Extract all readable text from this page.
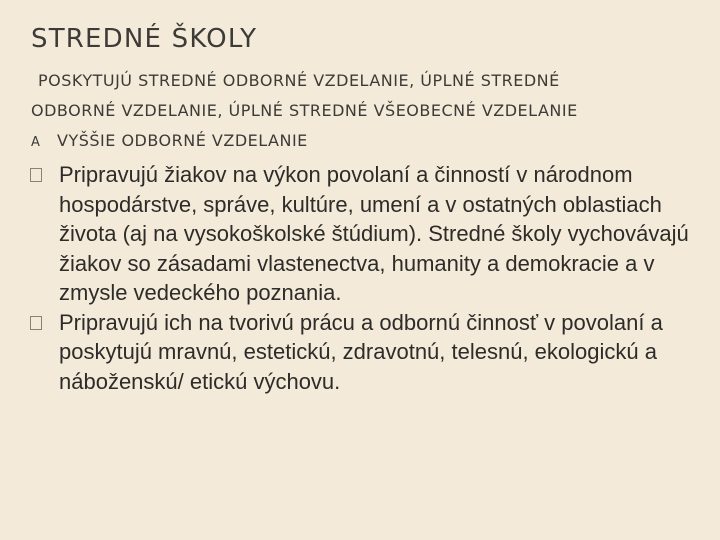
STREDNÉ ŠKOLY
POSKYTUJÚ STREDNÉ ODBORNÉ VZDELANIE, ÚPLNÉ STREDNÉ
ODBORNÉ VZDELANIE, ÚPLNÉ STREDNÉ VŠEOBECNÉ VZDELANIE
A VYŠŠIE ODBORNÉ VZDELANIE
Pripravujú žiakov na výkon povolaní a činností v národnom hospodárstve, správe, kultúre, umení a v ostatných oblastiach života (aj na vysokoškolské štúdium). Stredné školy vychovávajú žiakov so zásadami vlastenectva, humanity a demokracie a v zmysle vedeckého poznania.
Pripravujú ich na tvorivú prácu a odbornú činnosť v povolaní a poskytujú mravnú, estetickú, zdravotnú, telesnú, ekologickú a náboženskú/ etickú výchovu.
